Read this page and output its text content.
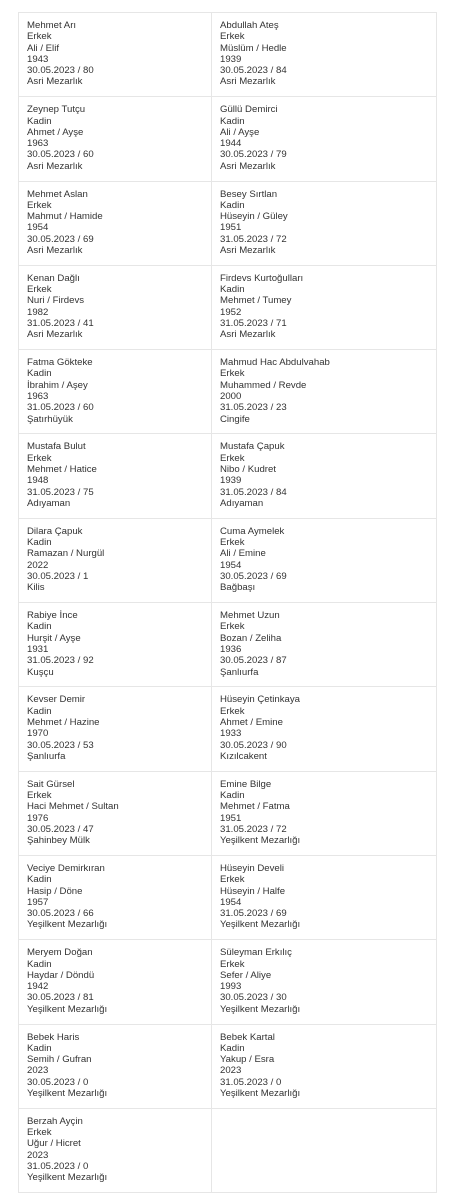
Mehmet Arı
Erkek
Ali / Elif
1943
30.05.2023 / 80
Asri Mezarlık
Abdullah Ateş
Erkek
Müslüm / Hedle
1939
30.05.2023 / 84
Asri Mezarlık
Zeynep Tutçu
Kadin
Ahmet / Ayşe
1963
30.05.2023 / 60
Asri Mezarlık
Güllü Demirci
Kadin
Ali / Ayşe
1944
30.05.2023 / 79
Asri Mezarlık
Mehmet Aslan
Erkek
Mahmut / Hamide
1954
30.05.2023 / 69
Asri Mezarlık
Besey Sırtlan
Kadin
Hüseyin / Güley
1951
31.05.2023 / 72
Asri Mezarlık
Kenan Dağlı
Erkek
Nuri / Firdevs
1982
31.05.2023 / 41
Asri Mezarlık
Firdevs Kurtoğulları
Kadin
Mehmet / Tumey
1952
31.05.2023 / 71
Asri Mezarlık
Fatma Gökteke
Kadin
İbrahim / Aşey
1963
31.05.2023 / 60
Şatırhüyük
Mahmud Hac Abdulvahab
Erkek
Muhammed / Revde
2000
31.05.2023 / 23
Cingife
Mustafa Bulut
Erkek
Mehmet / Hatice
1948
31.05.2023 / 75
Adıyaman
Mustafa Çapuk
Erkek
Nibo / Kudret
1939
31.05.2023 / 84
Adıyaman
Dilara Çapuk
Kadin
Ramazan / Nurgül
2022
30.05.2023 / 1
Kilis
Cuma Aymelek
Erkek
Ali / Emine
1954
30.05.2023 / 69
Bağbaşı
Rabiye İnce
Kadin
Hurşit / Ayşe
1931
31.05.2023 / 92
Kuşçu
Mehmet Uzun
Erkek
Bozan / Zeliha
1936
30.05.2023 / 87
Şanlıurfa
Kevser Demir
Kadin
Mehmet / Hazine
1970
30.05.2023 / 53
Şanlıurfa
Hüseyin Çetinkaya
Erkek
Ahmet / Emine
1933
30.05.2023 / 90
Kızılcakent
Sait Gürsel
Erkek
Haci Mehmet / Sultan
1976
30.05.2023 / 47
Şahinbey Mülk
Emine Bilge
Kadin
Mehmet / Fatma
1951
31.05.2023 / 72
Yeşilkent Mezarlığı
Veciye Demirkıran
Kadin
Hasip / Döne
1957
30.05.2023 / 66
Yeşilkent Mezarlığı
Hüseyin Develi
Erkek
Hüseyin / Halfe
1954
31.05.2023 / 69
Yeşilkent Mezarlığı
Meryem Doğan
Kadin
Haydar / Döndü
1942
30.05.2023 / 81
Yeşilkent Mezarlığı
Süleyman Erkılıç
Erkek
Sefer / Aliye
1993
30.05.2023 / 30
Yeşilkent Mezarlığı
Bebek Haris
Kadin
Semih / Gufran
2023
30.05.2023 / 0
Yeşilkent Mezarlığı
Bebek Kartal
Kadin
Yakup / Esra
2023
31.05.2023 / 0
Yeşilkent Mezarlığı
Berzah Ayçin
Erkek
Uğur / Hicret
2023
31.05.2023 / 0
Yeşilkent Mezarlığı
